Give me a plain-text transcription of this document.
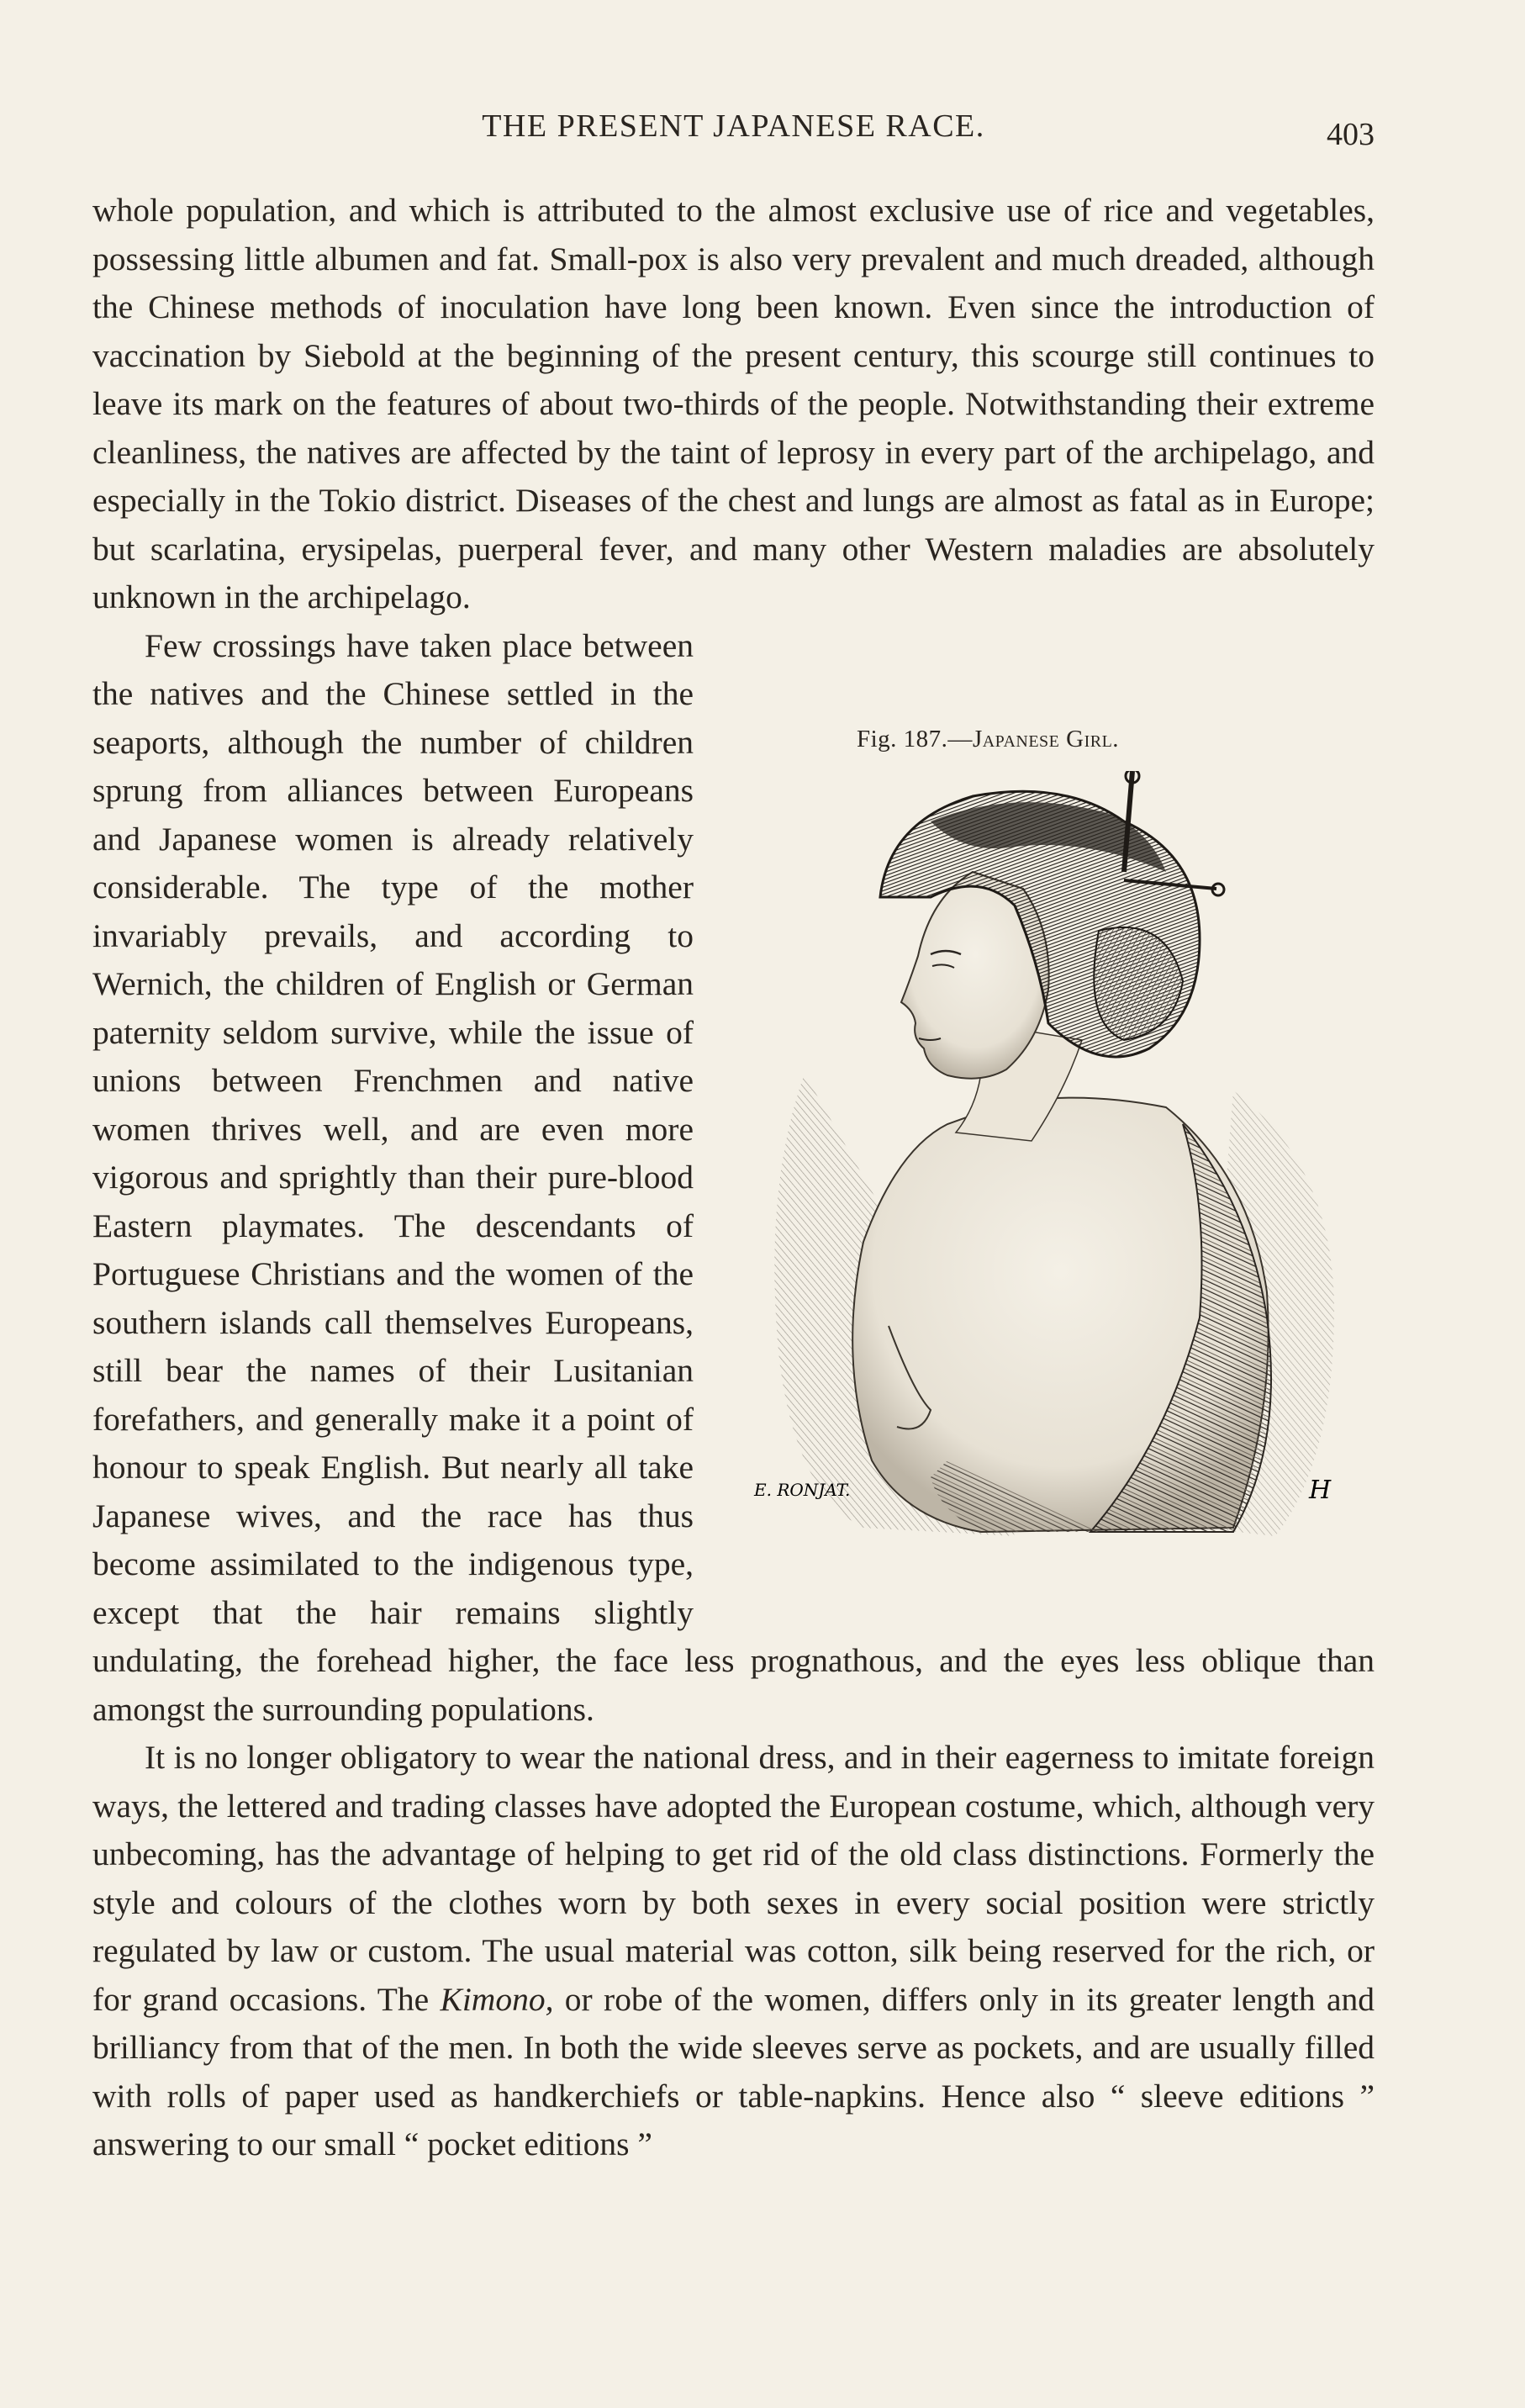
THE PRESENT JAPANESE RACE.	403

whole population, and which is attributed to the almost exclusive use of rice and vegetables, possessing little albumen and fat. Small-pox is also very prevalent and much dreaded, although the Chinese methods of inoculation have long been known. Even since the introduction of vaccination by Siebold at the beginning of the present century, this scourge still continues to leave its mark on the features of about two-thirds of the people. Notwithstanding their extreme cleanliness, the natives are affected by the taint of leprosy in every part of the archipelago, and especially in the Tokio district. Diseases of the chest and lungs are almost as fatal as in Europe; but scarlatina, erysipelas, puerperal fever, and many other Western maladies are absolutely unknown in the archipelago.

Fig. 187.—Japanese Girl.
E. RONJAT.	H
Few crossings have taken place between the natives and the Chinese settled in the seaports, although the number of children sprung from alliances between Europeans and Japanese women is already relatively considerable. The type of the mother invariably prevails, and according to Wernich, the children of English or German paternity seldom survive, while the issue of unions between Frenchmen and native women thrives well, and are even more vigorous and sprightly than their pure-blood Eastern playmates. The descendants of Portuguese Christians and the women of the southern islands call themselves Europeans, still bear the names of their Lusitanian forefathers, and generally make it a point of honour to speak English. But nearly all take Japanese wives, and the race has thus become assimilated to the indigenous type, except that the hair remains slightly undulating, the forehead higher, the face less prognathous, and the eyes less oblique than amongst the surrounding populations.

It is no longer obligatory to wear the national dress, and in their eagerness to imitate foreign ways, the lettered and trading classes have adopted the European costume, which, although very unbecoming, has the advantage of helping to get rid of the old class distinctions. Formerly the style and colours of the clothes worn by both sexes in every social position were strictly regulated by law or custom. The usual material was cotton, silk being reserved for the rich, or for grand occasions. The Kimono, or robe of the women, differs only in its greater length and brilliancy from that of the men. In both the wide sleeves serve as pockets, and are usually filled with rolls of paper used as handkerchiefs or table-napkins. Hence also “ sleeve editions ” answering to our small “ pocket editions ”
